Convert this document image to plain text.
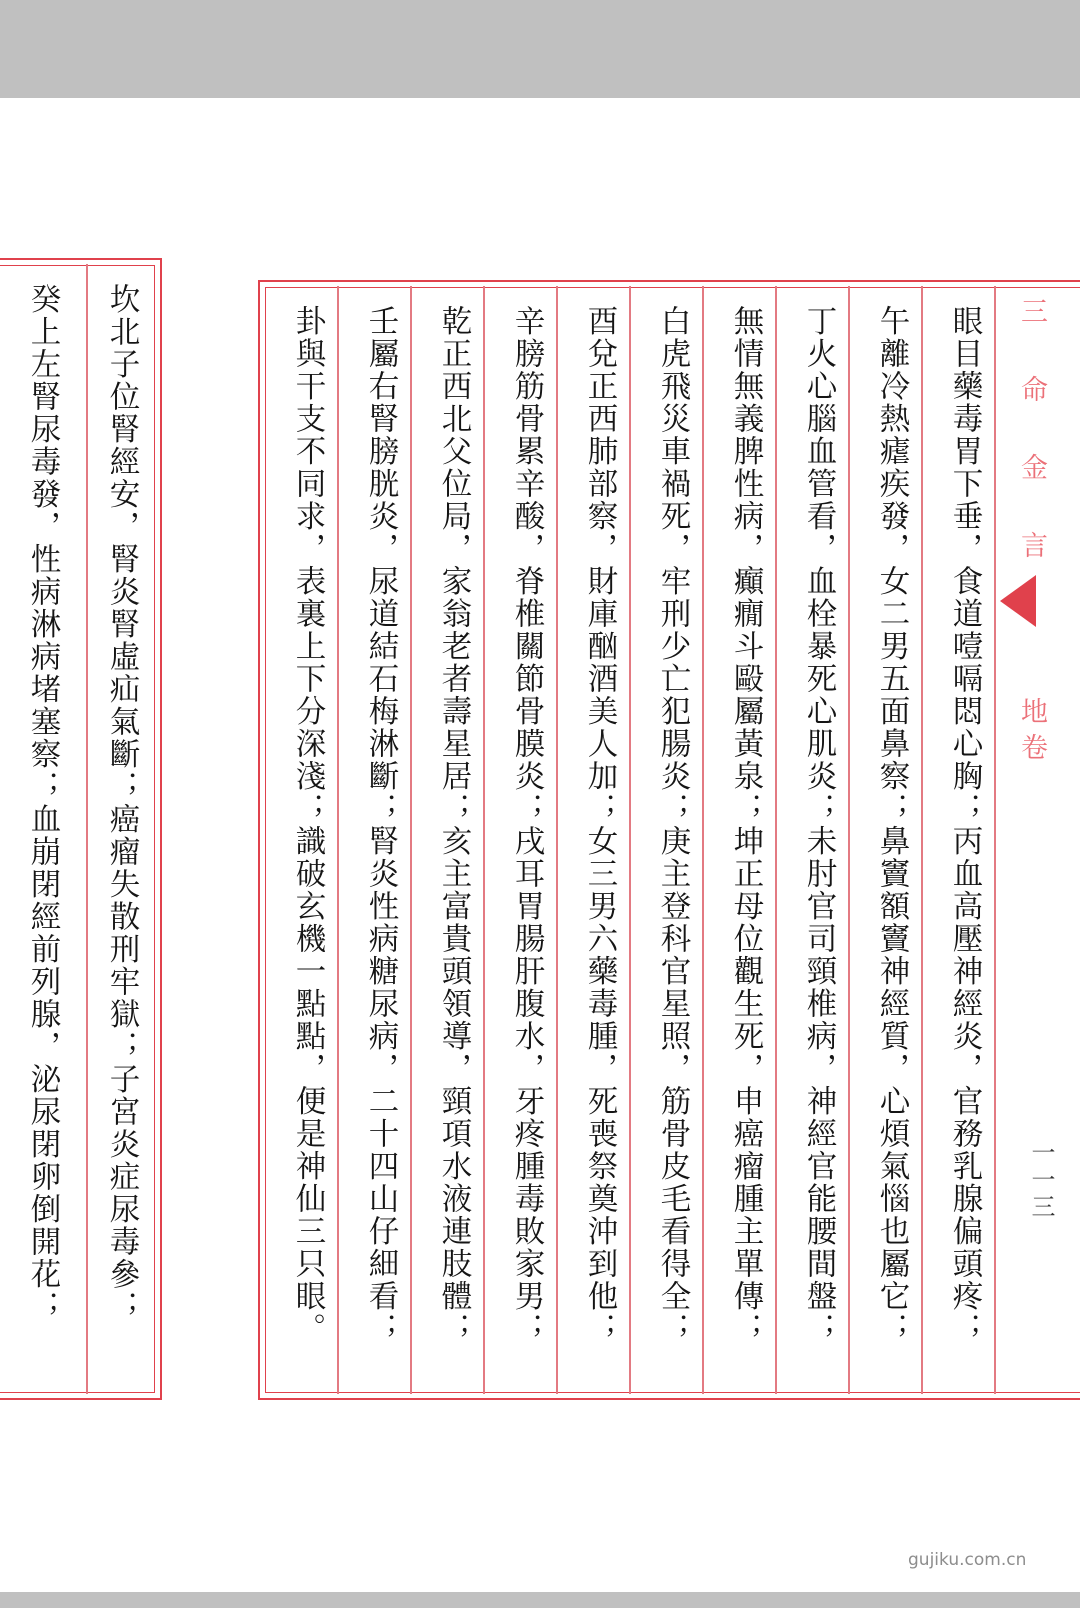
坎北子位腎經安，腎炎腎虛疝氣斷；癌瘤失散刑牢獄；子宮炎症尿毒參；
癸上左腎尿毒發，性病淋病堵塞察；血崩閉經前列腺，泌尿閉卵倒開花；	眼目藥毒胃下垂，食道噎嗝悶心胸；丙血高壓神經炎，官務乳腺偏頭疼；
午離冷熱瘧疾發，女二男五面鼻察；鼻竇額竇神經質，心煩氣惱也屬它；
丁火心腦血管看，血栓暴死心肌炎；未肘官司頸椎病，神經官能腰間盤；
無情無義脾性病，癲癇斗毆屬黃泉；坤正母位觀生死，申癌瘤腫主單傳；
白虎飛災車禍死，牢刑少亡犯腸炎；庚主登科官星照，筋骨皮毛看得全；
酉兌正西肺部察，財庫酗酒美人加；女三男六藥毒腫，死喪祭奠沖到他；
辛膀筋骨累辛酸，脊椎關節骨膜炎；戌耳胃腸肝腹水，牙疼腫毒敗家男；
乾正西北父位局，家翁老者壽星居；亥主富貴頭領導，頸項水液連肢體；
壬屬右腎膀胱炎，尿道結石梅淋斷；腎炎性病糖尿病，二十四山仔細看；
卦與干支不同求，表裏上下分深淺；識破玄機一點點，便是神仙三只眼。	三
命
金
言
地
卷
一一三
gujiku.com.cn
